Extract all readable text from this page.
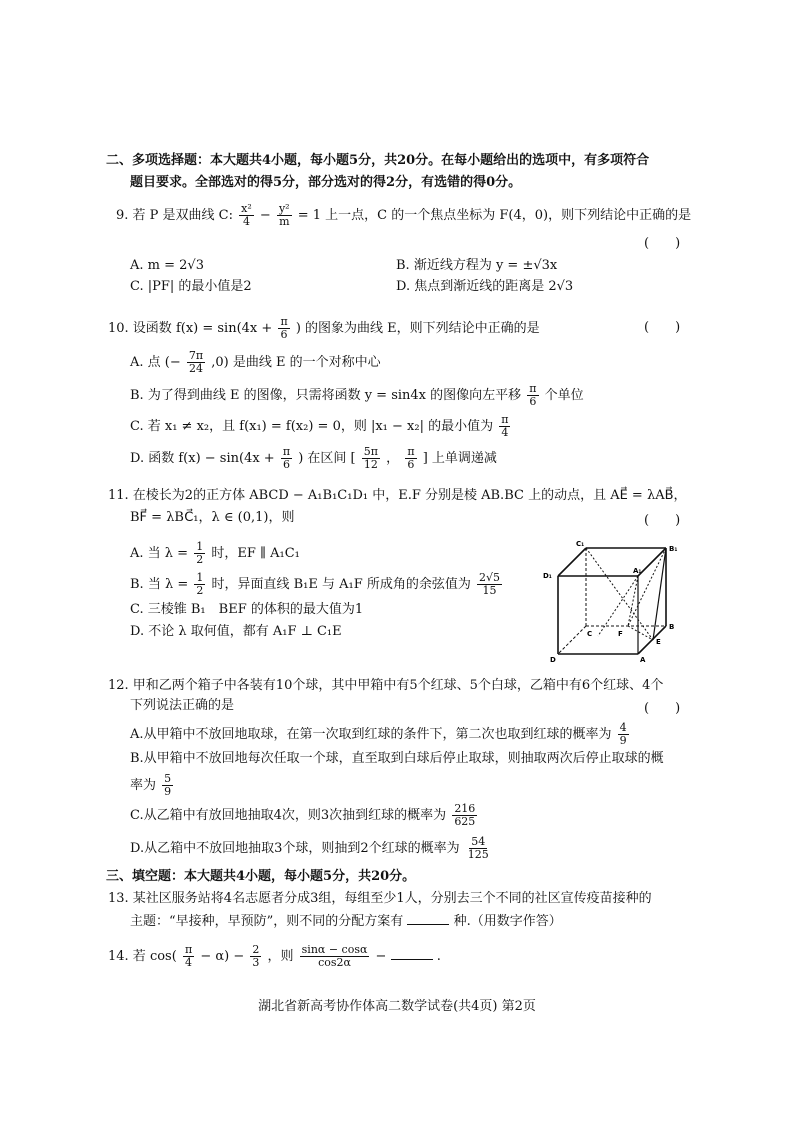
二、多项选择题：本大题共4小题，每小题5分，共20分。在每小题给出的选项中，有多项符合
题目要求。全部选对的得5分，部分选对的得2分，有选错的得0分。
9. 若 P 是双曲线 C: $\frac{\text{x²}}{4} - \frac{\text{y²}}{m} = 1$ 上一点，C 的一个焦点坐标为 F(4，0)，则下列结论中正确的是
(　　)
A. m = 2√3	B. 渐近线方程为 y = ±√3x
C. |PF| 的最小值是2	D. 焦点到渐近线的距离是 2√3
10. 设函数 $f(x) = \sin(4x + \frac{\pi}{6}$ ) 的图象为曲线 E，则下列结论中正确的是	(　　)
A. 点 (− $\frac{7\pi}{24} ,0$) 是曲线 E 的一个对称中心
B. 为了得到曲线 E 的图像，只需将函数 y = sin4x 的图像向左平移 $\frac{\pi}{6}$ 个单位
C. 若 x₁ ≠ x₂，且 f(x₁) = f(x₂) = 0，则 |x₁ − x₂| 的最小值为 $\frac{\pi}{4}$
D. 函数 $f(x) - \sin(4x + \frac{\pi}{6}$ ) 在区间 [ $\frac{5\pi}{12}$ ， $\frac{\pi}{6}$ ] 上单调递减
11. 在棱长为2的正方体 ABCD − A₁B₁C₁D₁ 中，E.F 分别是棱 AB.BC 上的动点，且 AE⃗ = λAB⃗，
BF⃗ = λBC⃗₁，λ ∈ (0,1)，则	(　　)
A. 当 $\lambda = \frac{1}{2}$ 时，EF ∥ A₁C₁
B. 当 $\lambda = \frac{1}{2}$ 时，异面直线 B₁E 与 A₁F 所成角的余弦值为 $\frac{2√5}{15}$
C. 三棱锥 B₁　BEF 的体积的最大值为1
D. 不论 λ 取何值，都有 A₁F ⊥ C₁E
C₁
B₁
A₁
D₁
B
E
F
C
A
D
12. 甲和乙两个箱子中各装有10个球，其中甲箱中有5个红球、5个白球，乙箱中有6个红球、4个
下列说法正确的是	(　　)
A.从甲箱中不放回地取球，在第一次取到红球的条件下，第二次也取到红球的概率为 $\frac{4}{9}$
B.从甲箱中不放回地每次任取一个球，直至取到白球后停止取球，则抽取两次后停止取球的概
率为 $\frac{5}{9}$
C.从乙箱中有放回地抽取4次，则3次抽到红球的概率为 $\frac{216}{625}$
D.从乙箱中不放回地抽取3个球，则抽到2个红球的概率为 $\frac{54}{125}$
三、填空题：本大题共4小题，每小题5分，共20分。
13. 某社区服务站将4名志愿者分成3组，每组至少1人，分别去三个不同的社区宣传疫苗接种的
主题：“早接种，早预防”，则不同的分配方案有	种.（用数字作答）
14. 若 $\cos( \frac{\pi}{4} - \alpha) - \frac{2}{3}$ ，则 $\frac{\sin\alpha - \cos\alpha}{\cos 2\alpha}$ −	.
湖北省新高考协作体高二数学试卷(共4页) 第2页
